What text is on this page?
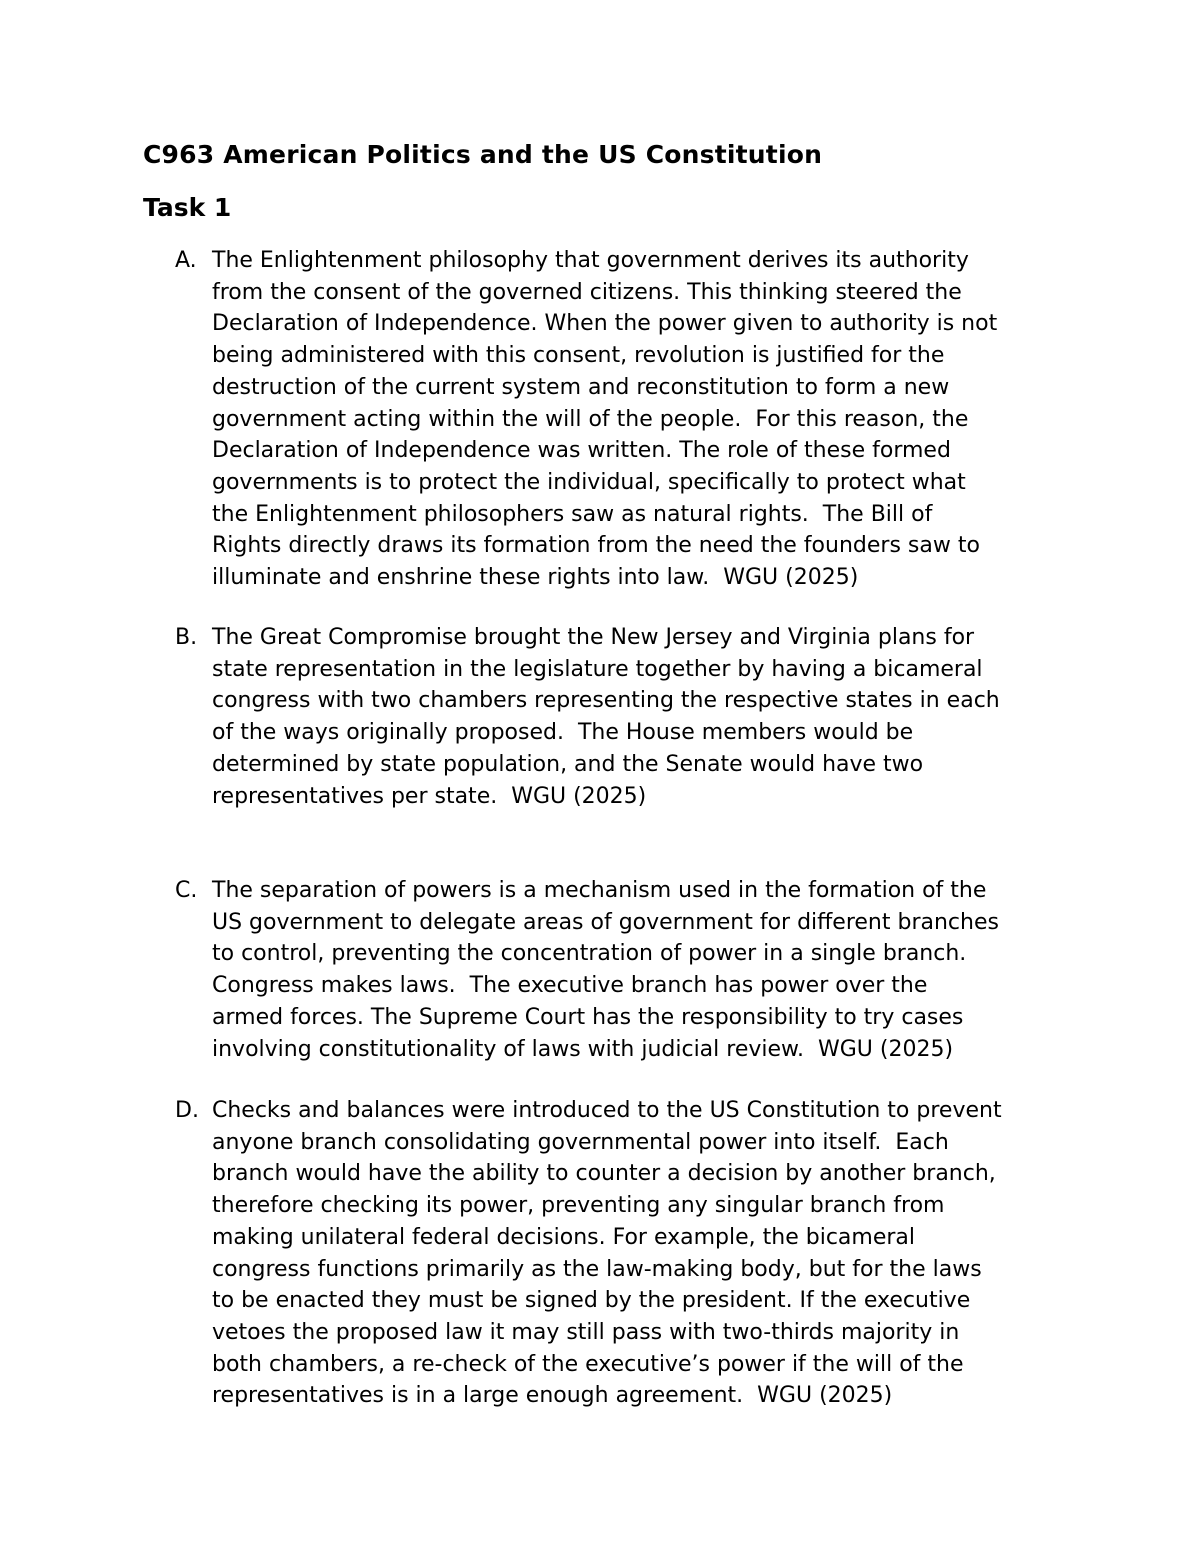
C963 American Politics and the US Constitution
Task 1
A. The Enlightenment philosophy that government derives its authority
from the consent of the governed citizens. This thinking steered the
Declaration of Independence. When the power given to authority is not
being administered with this consent, revolution is justified for the
destruction of the current system and reconstitution to form a new
government acting within the will of the people.  For this reason, the
Declaration of Independence was written. The role of these formed
governments is to protect the individual, specifically to protect what
the Enlightenment philosophers saw as natural rights.  The Bill of
Rights directly draws its formation from the need the founders saw to
illuminate and enshrine these rights into law.  WGU (2025)
B. The Great Compromise brought the New Jersey and Virginia plans for
state representation in the legislature together by having a bicameral
congress with two chambers representing the respective states in each
of the ways originally proposed.  The House members would be
determined by state population, and the Senate would have two
representatives per state.  WGU (2025)
C. The separation of powers is a mechanism used in the formation of the
US government to delegate areas of government for different branches
to control, preventing the concentration of power in a single branch.
Congress makes laws.  The executive branch has power over the
armed forces. The Supreme Court has the responsibility to try cases
involving constitutionality of laws with judicial review.  WGU (2025)
D. Checks and balances were introduced to the US Constitution to prevent
anyone branch consolidating governmental power into itself.  Each
branch would have the ability to counter a decision by another branch,
therefore checking its power, preventing any singular branch from
making unilateral federal decisions. For example, the bicameral
congress functions primarily as the law-making body, but for the laws
to be enacted they must be signed by the president. If the executive
vetoes the proposed law it may still pass with two-thirds majority in
both chambers, a re-check of the executive’s power if the will of the
representatives is in a large enough agreement.  WGU (2025)
